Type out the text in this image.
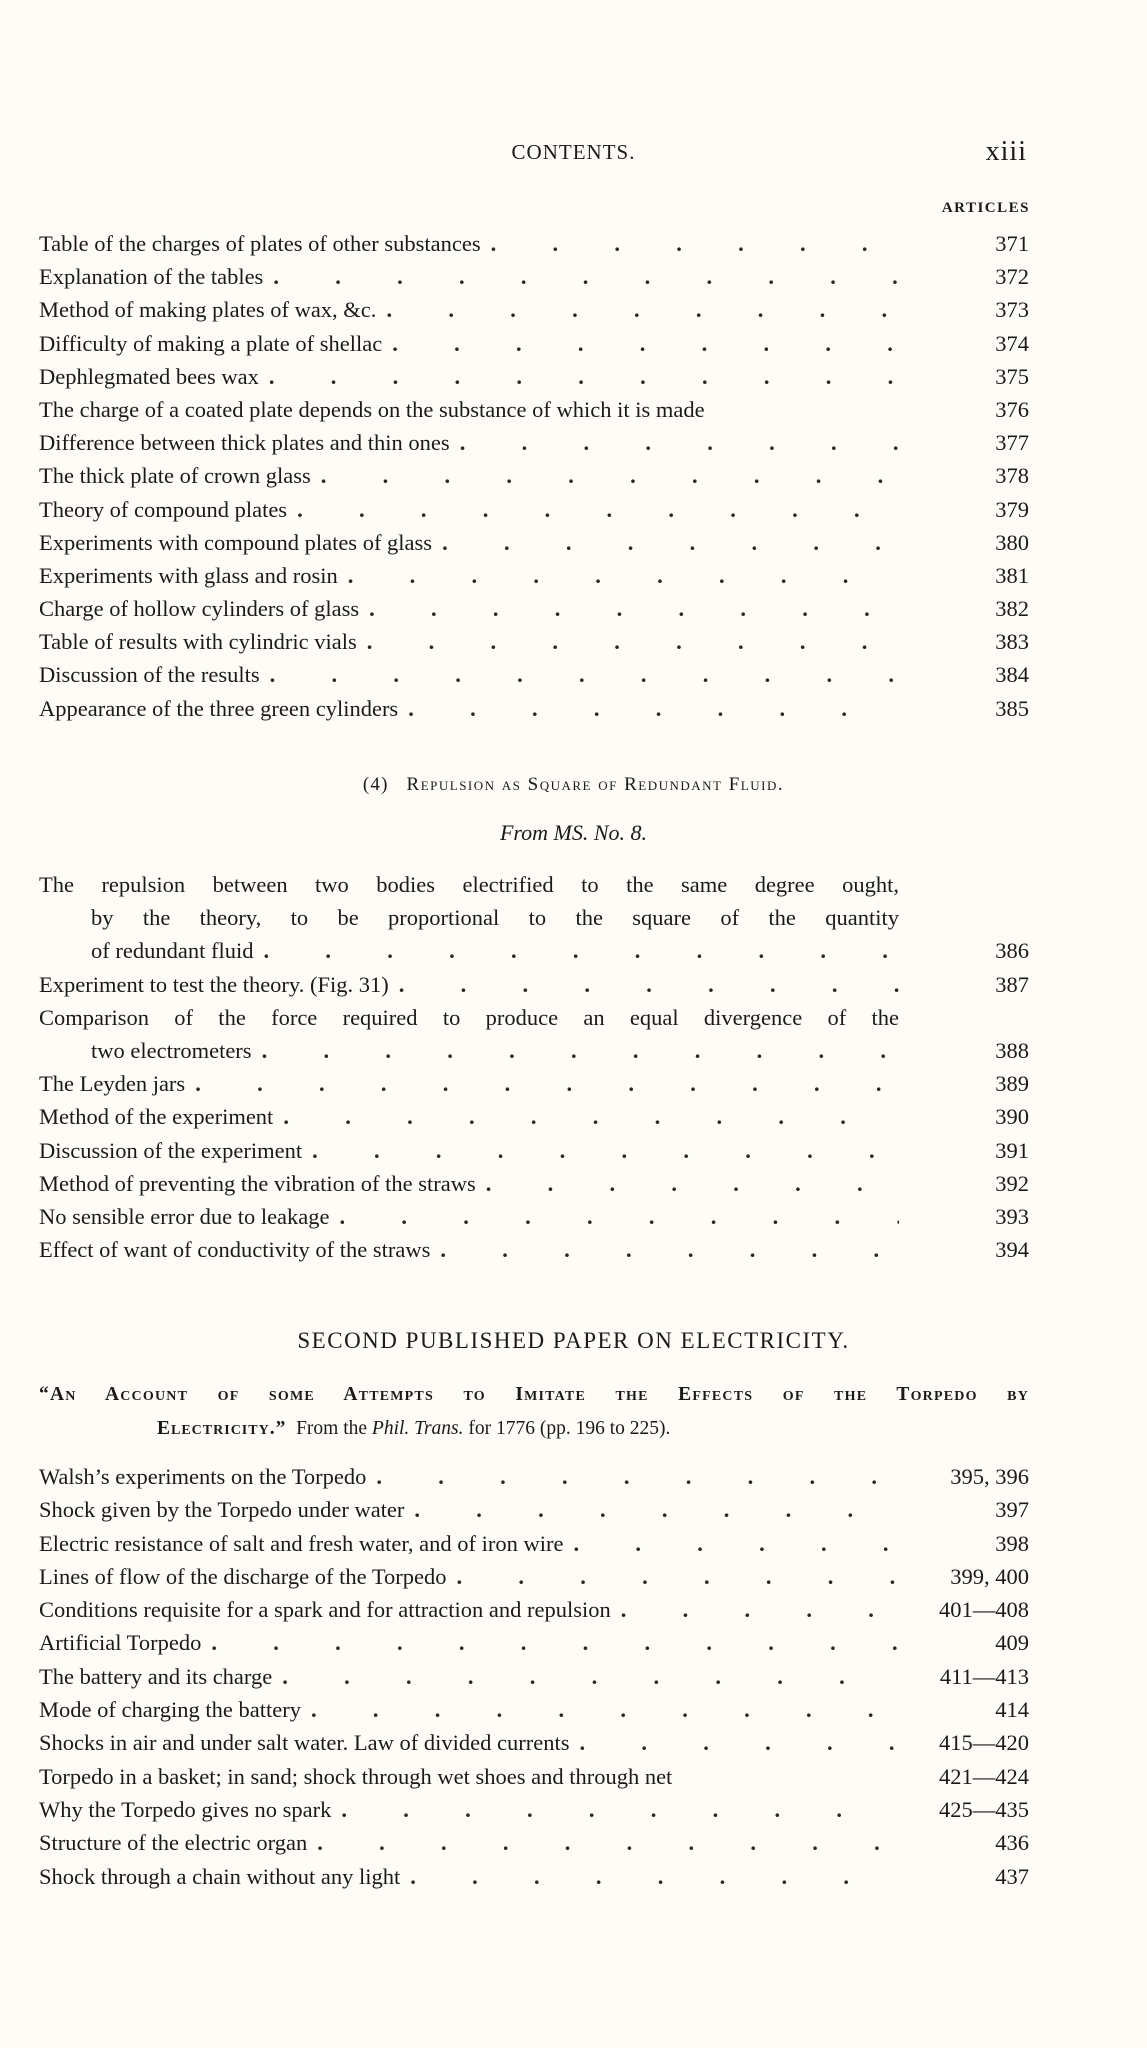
CONTENTS.	xiii
ARTICLES
Table of the charges of plates of other substances .	371
Explanation of the tables .	372
Method of making plates of wax, &c. .	373
Difficulty of making a plate of shellac .	374
Dephlegmated bees wax .	375
The charge of a coated plate depends on the substance of which it is made	376
Difference between thick plates and thin ones .	377
The thick plate of crown glass .	378
Theory of compound plates .	379
Experiments with compound plates of glass .	380
Experiments with glass and rosin .	381
Charge of hollow cylinders of glass .	382
Table of results with cylindric vials .	383
Discussion of the results .	384
Appearance of the three green cylinders .	385
(4) Repulsion as Square of Redundant Fluid.
From MS. No. 8.
The repulsion between two bodies electrified to the same degree ought,
by the theory, to be proportional to the square of the quantity
of redundant fluid .	386
Experiment to test the theory. (Fig. 31) .	387
Comparison of the force required to produce an equal divergence of the
two electrometers .	388
The Leyden jars .	389
Method of the experiment .	390
Discussion of the experiment .	391
Method of preventing the vibration of the straws .	392
No sensible error due to leakage .	393
Effect of want of conductivity of the straws .	394
SECOND PUBLISHED PAPER ON ELECTRICITY.
“An Account of some Attempts to Imitate the Effects of the Torpedo by
Electricity.” From the Phil. Trans. for 1776 (pp. 196 to 225).
Walsh’s experiments on the Torpedo .	395, 396
Shock given by the Torpedo under water .	397
Electric resistance of salt and fresh water, and of iron wire .	398
Lines of flow of the discharge of the Torpedo .	399, 400
Conditions requisite for a spark and for attraction and repulsion .	401—408
Artificial Torpedo .	409
The battery and its charge .	411—413
Mode of charging the battery .	414
Shocks in air and under salt water. Law of divided currents .	415—420
Torpedo in a basket; in sand; shock through wet shoes and through net	421—424
Why the Torpedo gives no spark .	425—435
Structure of the electric organ .	436
Shock through a chain without any light .	437
